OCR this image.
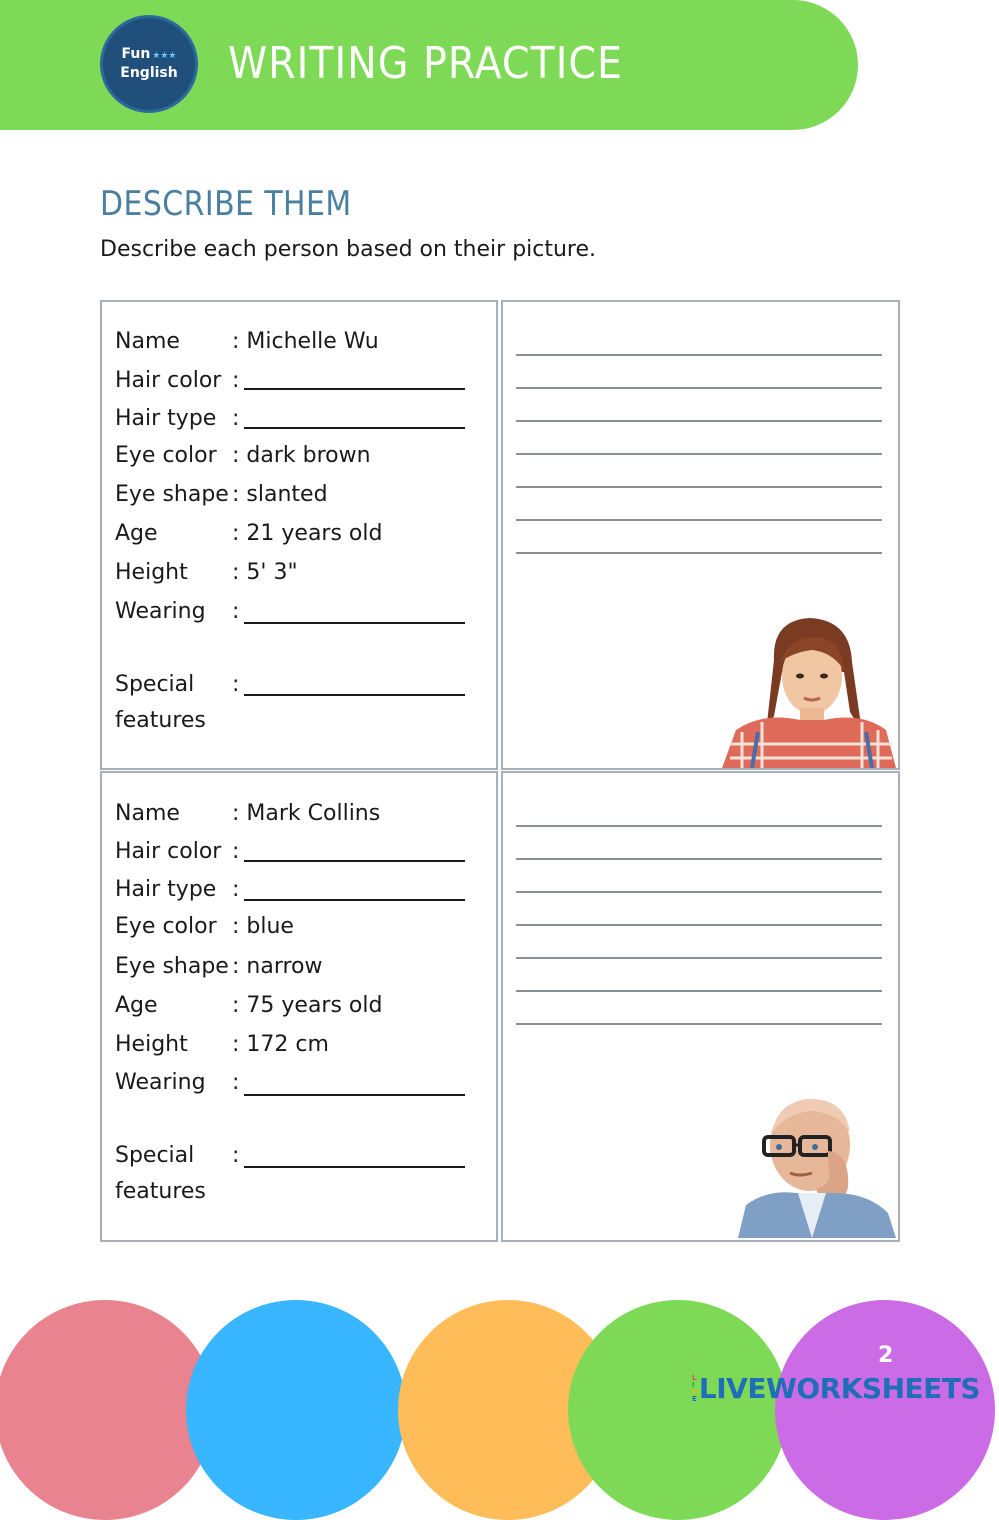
Fun ★★★
English WRITING PRACTICE
DESCRIBE THEM
Describe each person based on their picture.
Name : Michelle Wu
Hair color :
Hair type :
Eye color : dark brown
Eye shape : slanted
Age	: 21 years old
Height : 5' 3"
Wearing :
Special :
features
Name : Mark Collins
Hair color :
Hair type :
Eye color : blue
Eye shape : narrow
Age	: 75 years old
Height : 172 cm
Wearing :
Special :
features
2
L
I
V
E LIVEWORKSHEETS
